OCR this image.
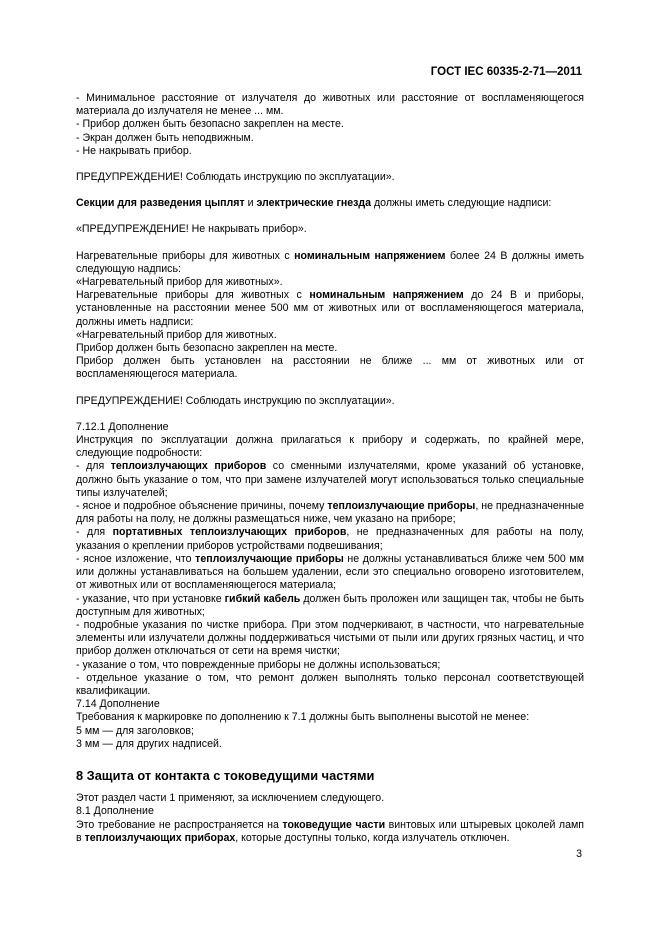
ГОСТ IEC 60335-2-71—2011

- Минимальное расстояние от излучателя до животных или расстояние от воспламеняющегося материала до излучателя не менее ... мм.

- Прибор должен быть безопасно закреплен на месте.

- Экран должен быть неподвижным.

- Не накрывать прибор.

ПРЕДУПРЕЖДЕНИЕ! Соблюдать инструкцию по эксплуатации».

Секции для разведения цыплят и электрические гнезда должны иметь следующие надписи:

«ПРЕДУПРЕЖДЕНИЕ! Не накрывать прибор».

Нагревательные приборы для животных с номинальным напряжением более 24 В должны иметь следующую надпись:

«Нагревательный прибор для животных».

Нагревательные приборы для животных с номинальным напряжением до 24 В и приборы, установленные на расстоянии менее 500 мм от животных или от воспламеняющегося материала, должны иметь надписи:

«Нагревательный прибор для животных.

Прибор должен быть безопасно закреплен на месте.

Прибор должен быть установлен на расстоянии не ближе ... мм от животных или от воспламеняющегося материала.

ПРЕДУПРЕЖДЕНИЕ! Соблюдать инструкцию по эксплуатации».

7.12.1 Дополнение

Инструкция по эксплуатации должна прилагаться к прибору и содержать, по крайней мере, следующие подробности:

- для теплоизлучающих приборов со сменными излучателями, кроме указаний об установке, должно быть указание о том, что при замене излучателей могут использоваться только специальные типы излучателей;

- ясное и подробное объяснение причины, почему теплоизлучающие приборы, не предназначенные для работы на полу, не должны размещаться ниже, чем указано на приборе;

- для портативных теплоизлучающих приборов, не предназначенных для работы на полу, указания о креплении приборов устройствами подвешивания;

- ясное изложение, что теплоизлучающие приборы не должны устанавливаться ближе чем 500 мм или должны устанавливаться на большем удалении, если это специально оговорено изготовителем, от животных или от воспламеняющегося материала;

- указание, что при установке гибкий кабель должен быть проложен или защищен так, чтобы не быть доступным для животных;

- подробные указания по чистке прибора. При этом подчеркивают, в частности, что нагревательные элементы или излучатели должны поддерживаться чистыми от пыли или других грязных частиц, и что прибор должен отключаться от сети на время чистки;

- указание о том, что поврежденные приборы не должны использоваться;

- отдельное указание о том, что ремонт должен выполнять только персонал соответствующей квалификации.

7.14 Дополнение

Требования к маркировке по дополнению к 7.1 должны быть выполнены высотой не менее:

5 мм — для заголовков;

3 мм — для других надписей.

8 Защита от контакта с токоведущими частями

Этот раздел части 1 применяют, за исключением следующего.

8.1 Дополнение

Это требование не распространяется на токоведущие части винтовых или штыревых цоколей ламп в теплоизлучающих приборах, которые доступны только, когда излучатель отключен.

3
